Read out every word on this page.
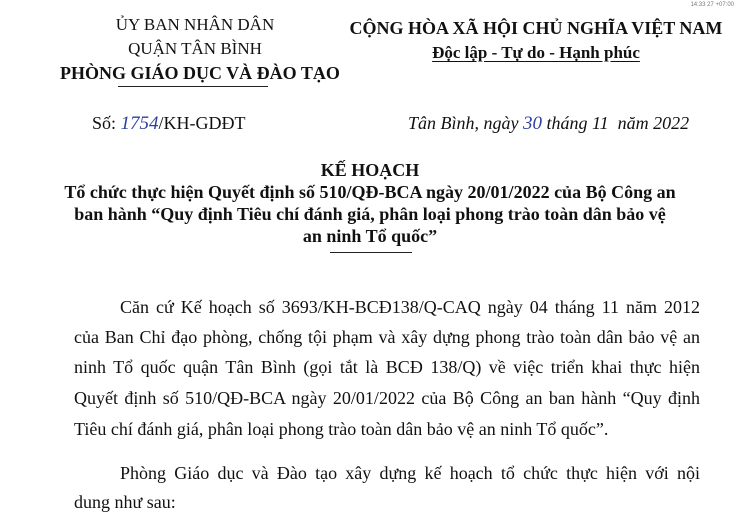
14:33 27 +07:00
ỦY BAN NHÂN DÂN
QUẬN TÂN BÌNH
PHÒNG GIÁO DỤC VÀ ĐÀO TẠO
CỘNG HÒA XÃ HỘI CHỦ NGHĨA VIỆT NAM
Độc lập - Tự do - Hạnh phúc
Số: 1754/KH-GDĐT	Tân Bình, ngày 30 tháng 11  năm 2022
KẾ HOẠCH
Tổ chức thực hiện Quyết định số 510/QĐ-BCA ngày 20/01/2022 của Bộ Công an
ban hành “Quy định Tiêu chí đánh giá, phân loại phong trào toàn dân bảo vệ
an ninh Tổ quốc”
Căn cứ Kế hoạch số 3693/KH-BCĐ138/Q-CAQ ngày 04 tháng 11 năm 2012
của Ban Chỉ đạo phòng, chống tội phạm và xây dựng phong trào toàn dân bảo vệ an
ninh Tổ quốc quận Tân Bình (gọi tắt là BCĐ 138/Q) về việc triển khai thực hiện
Quyết định số 510/QĐ-BCA ngày 20/01/2022 của Bộ Công an ban hành “Quy định
Tiêu chí đánh giá, phân loại phong trào toàn dân bảo vệ an ninh Tổ quốc”.
Phòng Giáo dục và Đào tạo xây dựng kế hoạch tổ chức thực hiện với nội
dung như sau:
